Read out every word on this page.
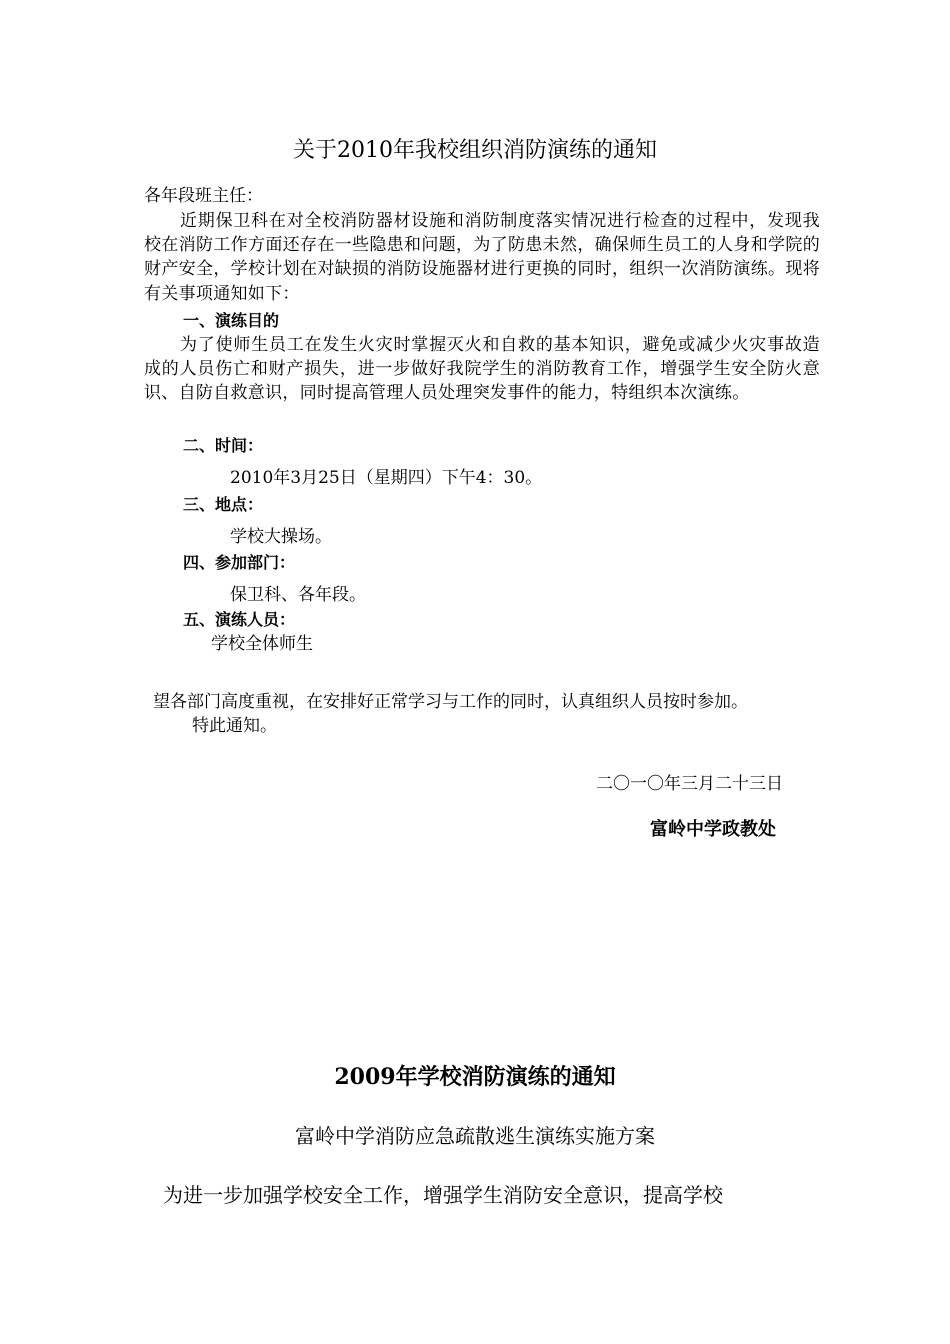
关于2010年我校组织消防演练的通知
各年段班主任：
近期保卫科在对全校消防器材设施和消防制度落实情况进行检查的过程中，发现我校在消防工作方面还存在一些隐患和问题，为了防患未然，确保师生员工的人身和学院的财产安全，学校计划在对缺损的消防设施器材进行更换的同时，组织一次消防演练。现将有关事项通知如下：
一、演练目的
为了使师生员工在发生火灾时掌握灭火和自救的基本知识，避免或减少火灾事故造成的人员伤亡和财产损失，进一步做好我院学生的消防教育工作，增强学生安全防火意识、自防自救意识，同时提高管理人员处理突发事件的能力，特组织本次演练。
二、时间：
2010年3月25日（星期四）下午4：30。
三、地点：
学校大操场。
四、参加部门：
保卫科、各年段。
五、演练人员：
学校全体师生
望各部门高度重视，在安排好正常学习与工作的同时，认真组织人员按时参加。
特此通知。
二〇一〇年三月二十三日
富岭中学政教处
2009年学校消防演练的通知
富岭中学消防应急疏散逃生演练实施方案
为进一步加强学校安全工作，增强学生消防安全意识，提高学校
